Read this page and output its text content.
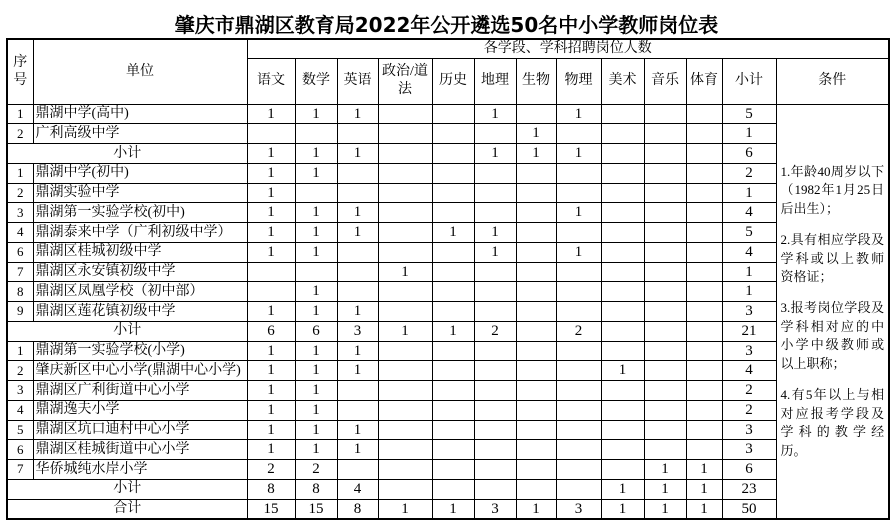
肇庆市鼎湖区教育局2022年公开遴选50名中小学教师岗位表
序号	单位	各学段、学科招聘岗位人数												
		语文	数学	英语	政治/道法	历史	地理	生物	物理	美术	音乐	体育	小计	条件
1	鼎湖中学(高中)	1	1	1			1		1				5	1.年龄40周岁以下（1982年1月25日后出生）；

2.具有相应学段及学科或以上教师资格证；

3.报考岗位学段及学科相对应的中小学中级教师或以上职称；

4.有5年以上与相对应报考学段及学科的教学经历。

2	广利高级中学							1					1	
小计		1	1	1			1	1	1				6	
1	鼎湖中学(初中)	1	1										2	
2	鼎湖实验中学	1											1	
3	鼎湖第一实验学校(初中)	1	1	1					1				4	
4	鼎湖泰来中学（广利初级中学）	1	1	1		1	1						5	
6	鼎湖区桂城初级中学	1	1				1		1				4	
7	鼎湖区永安镇初级中学				1								1	
8	鼎湖区凤凰学校（初中部）		1										1	
9	鼎湖区莲花镇初级中学	1	1	1									3	
小计		6	6	3	1	1	2		2				21	
1	鼎湖第一实验学校(小学)	1	1	1									3	
2	肇庆新区中心小学(鼎湖中心小学)	1	1	1						1			4	
3	鼎湖区广利街道中心小学	1	1										2	
4	鼎湖逸夫小学	1	1										2	
5	鼎湖区坑口迪村中心小学	1	1	1									3	
6	鼎湖区桂城街道中心小学	1	1	1									3	
7	华侨城纯水岸小学	2	2								1	1	6	
小计		8	8	4						1	1	1	23	
合计		15	15	8	1	1	3	1	3	1	1	1	50	
